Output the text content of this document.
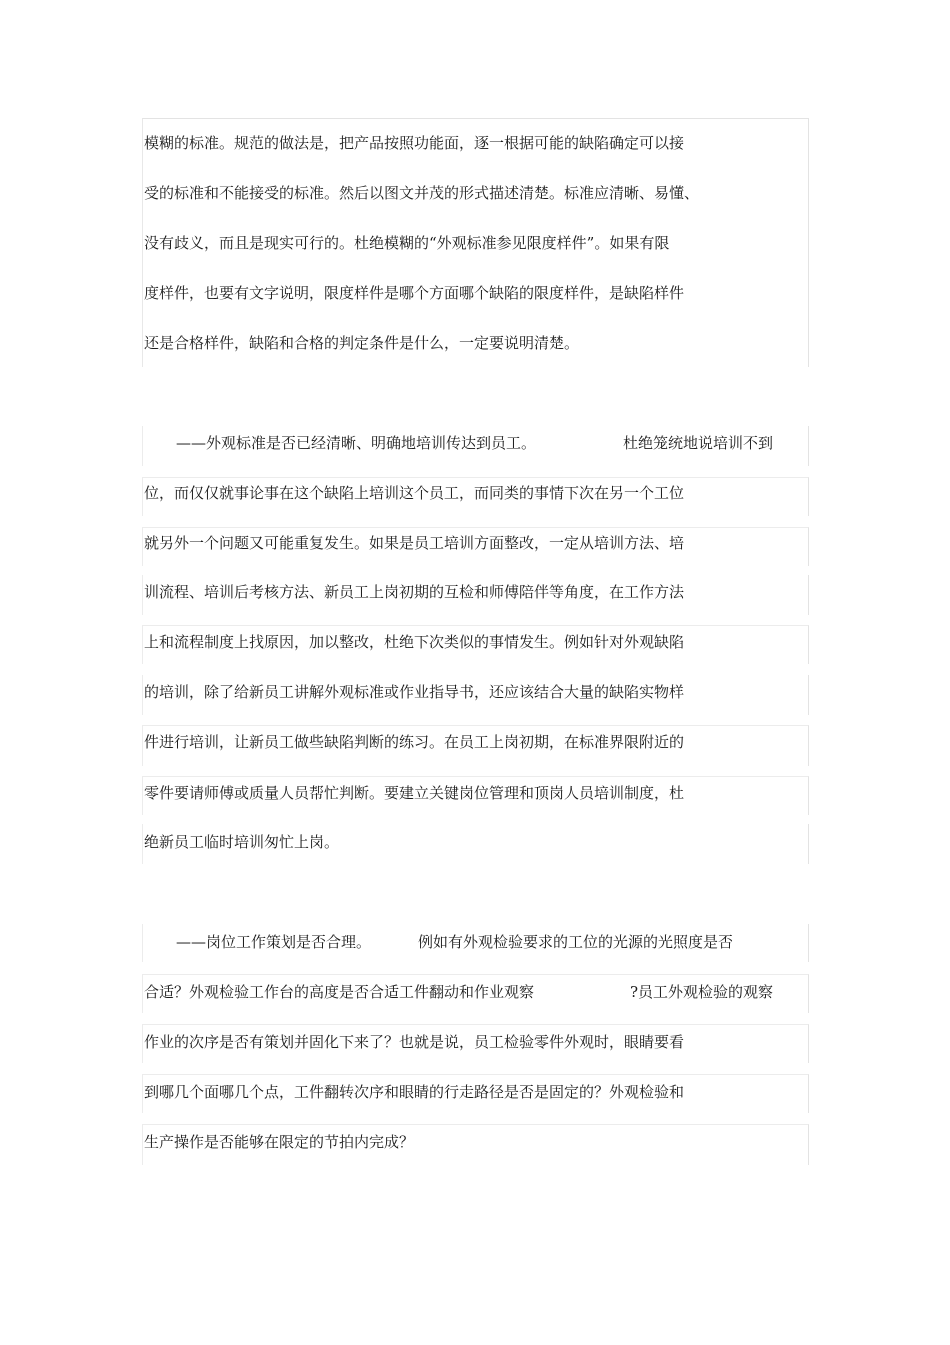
模糊的标准。规范的做法是，把产品按照功能面，逐一根据可能的缺陷确定可以接
受的标准和不能接受的标准。然后以图文并茂的形式描述清楚。标准应清晰、易懂、
没有歧义，而且是现实可行的。杜绝模糊的“外观标准参见限度样件”。如果有限
度样件，也要有文字说明，限度样件是哪个方面哪个缺陷的限度样件，是缺陷样件
还是合格样件，缺陷和合格的判定条件是什么，一定要说明清楚。
——外观标准是否已经清晰、明确地培训传达到员工。	杜绝笼统地说培训不到
位，而仅仅就事论事在这个缺陷上培训这个员工，而同类的事情下次在另一个工位
就另外一个问题又可能重复发生。如果是员工培训方面整改，一定从培训方法、培
训流程、培训后考核方法、新员工上岗初期的互检和师傅陪伴等角度，在工作方法
上和流程制度上找原因，加以整改，杜绝下次类似的事情发生。例如针对外观缺陷
的培训，除了给新员工讲解外观标准或作业指导书，还应该结合大量的缺陷实物样
件进行培训，让新员工做些缺陷判断的练习。在员工上岗初期，在标准界限附近的
零件要请师傅或质量人员帮忙判断。要建立关键岗位管理和顶岗人员培训制度，杜
绝新员工临时培训匆忙上岗。
——岗位工作策划是否合理。	例如有外观检验要求的工位的光源的光照度是否
合适？外观检验工作台的高度是否合适工件翻动和作业观察	?员工外观检验的观察
作业的次序是否有策划并固化下来了？也就是说，员工检验零件外观时，眼睛要看
到哪几个面哪几个点，工件翻转次序和眼睛的行走路径是否是固定的？外观检验和
生产操作是否能够在限定的节拍内完成？
